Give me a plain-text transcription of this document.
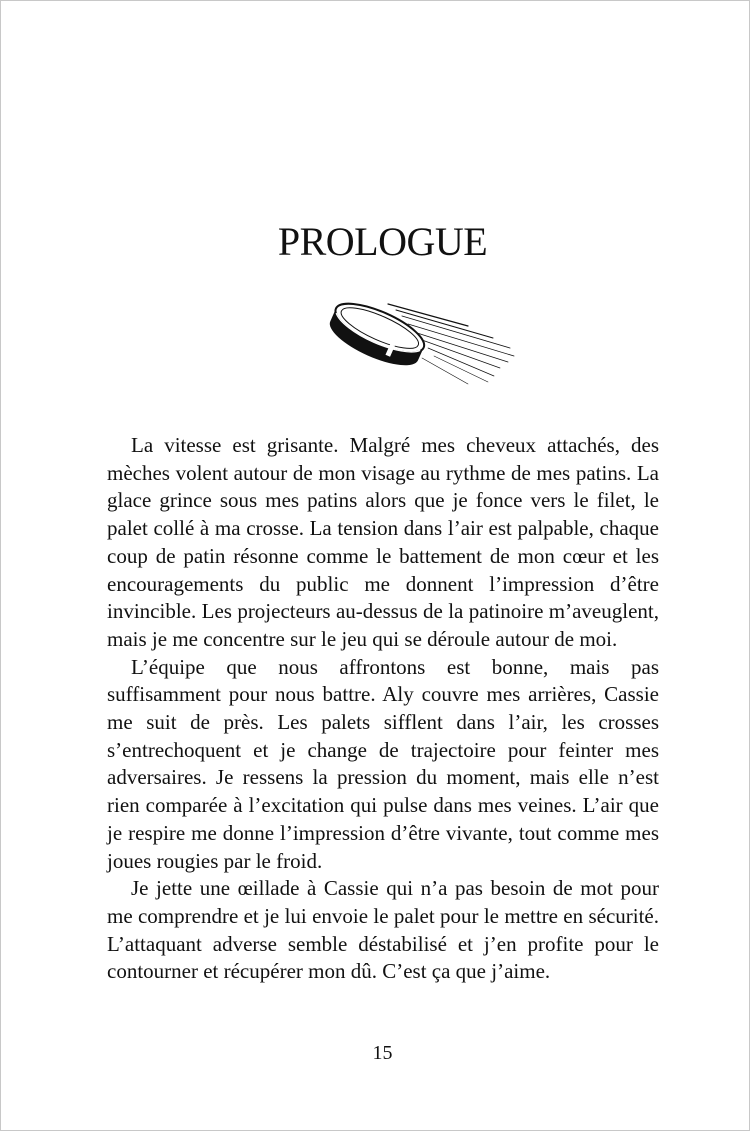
PROLOGUE

La vitesse est grisante. Malgré mes cheveux attachés, des mèches volent autour de mon visage au rythme de mes patins. La glace grince sous mes patins alors que je fonce vers le filet, le palet collé à ma crosse. La tension dans l’air est palpable, chaque coup de patin résonne comme le battement de mon cœur et les encouragements du public me donnent l’impression d’être invincible. Les projecteurs au-dessus de la patinoire m’aveuglent, mais je me concentre sur le jeu qui se déroule autour de moi.

L’équipe que nous affrontons est bonne, mais pas suffisamment pour nous battre. Aly couvre mes arrières, Cassie me suit de près. Les palets sifflent dans l’air, les crosses s’entrechoquent et je change de trajectoire pour feinter mes adversaires. Je ressens la pression du moment, mais elle n’est rien comparée à l’excitation qui pulse dans mes veines. L’air que je respire me donne l’impression d’être vivante, tout comme mes joues rougies par le froid.

Je jette une œillade à Cassie qui n’a pas besoin de mot pour me comprendre et je lui envoie le palet pour le mettre en sécurité. L’attaquant adverse semble déstabilisé et j’en profite pour le contourner et récupérer mon dû. C’est ça que j’aime.

15
